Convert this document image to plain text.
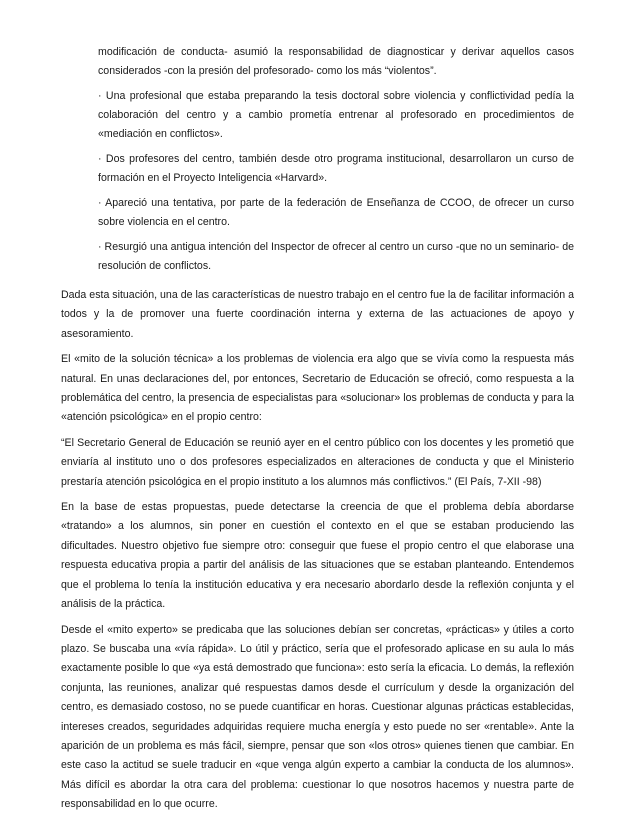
modificación de conducta- asumió la responsabilidad de diagnosticar y derivar aquellos casos considerados -con la presión del profesorado- como los más “violentos”.

· Una profesional que estaba preparando la tesis doctoral sobre violencia y conflictividad pedía la colaboración del centro y a cambio prometía entrenar al profesorado en procedimientos de «mediación en conflictos».

· Dos profesores del centro, también desde otro programa institucional, desarrollaron un curso de formación en el Proyecto Inteligencia «Harvard».

· Apareció una tentativa, por parte de la federación de Enseñanza de CCOO, de ofrecer un curso sobre violencia en el centro.

· Resurgió una antigua intención del Inspector de ofrecer al centro un curso -que no un seminario- de resolución de conflictos.

Dada esta situación, una de las características de nuestro trabajo en el centro fue la de facilitar información a todos y la de promover una fuerte coordinación interna y externa de las actuaciones de apoyo y asesoramiento.

El «mito de la solución técnica» a los problemas de violencia era algo que se vivía como la respuesta más natural. En unas declaraciones del, por entonces, Secretario de Educación se ofreció, como respuesta a la problemática del centro, la presencia de especialistas para «solucionar» los problemas de conducta y para la «atención psicológica» en el propio centro:

“El Secretario General de Educación se reunió ayer en el centro público con los docentes y les prometió que enviaría al instituto uno o dos profesores especializados en alteraciones de conducta y que el Ministerio prestaría atención psicológica en el propio instituto a los alumnos más conflictivos.” (El País, 7-XII -98)

En la base de estas propuestas, puede detectarse la creencia de que el problema debía abordarse «tratando» a los alumnos, sin poner en cuestión el contexto en el que se estaban produciendo las dificultades. Nuestro objetivo fue siempre otro: conseguir que fuese el propio centro el que elaborase una respuesta educativa propia a partir del análisis de las situaciones que se estaban planteando. Entendemos que el problema lo tenía la institución educativa y era necesario abordarlo desde la reflexión conjunta y el análisis de la práctica.

Desde el «mito experto» se predicaba que las soluciones debían ser concretas, «prácticas» y útiles a corto plazo. Se buscaba una «vía rápida». Lo útil y práctico, sería que el profesorado aplicase en su aula lo más exactamente posible lo que «ya está demostrado que funciona»: esto sería la eficacia. Lo demás, la reflexión conjunta, las reuniones, analizar qué respuestas damos desde el currículum y desde la organización del centro, es demasiado costoso, no se puede cuantificar en horas. Cuestionar algunas prácticas establecidas, intereses creados, seguridades adquiridas requiere mucha energía y esto puede no ser «rentable». Ante la aparición de un problema es más fácil, siempre, pensar que son «los otros» quienes tienen que cambiar. En este caso la actitud se suele traducir en «que venga algún experto a cambiar la conducta de los alumnos». Más difícil es abordar la otra cara del problema: cuestionar lo que nosotros hacemos y nuestra parte de responsabilidad en lo que ocurre.
